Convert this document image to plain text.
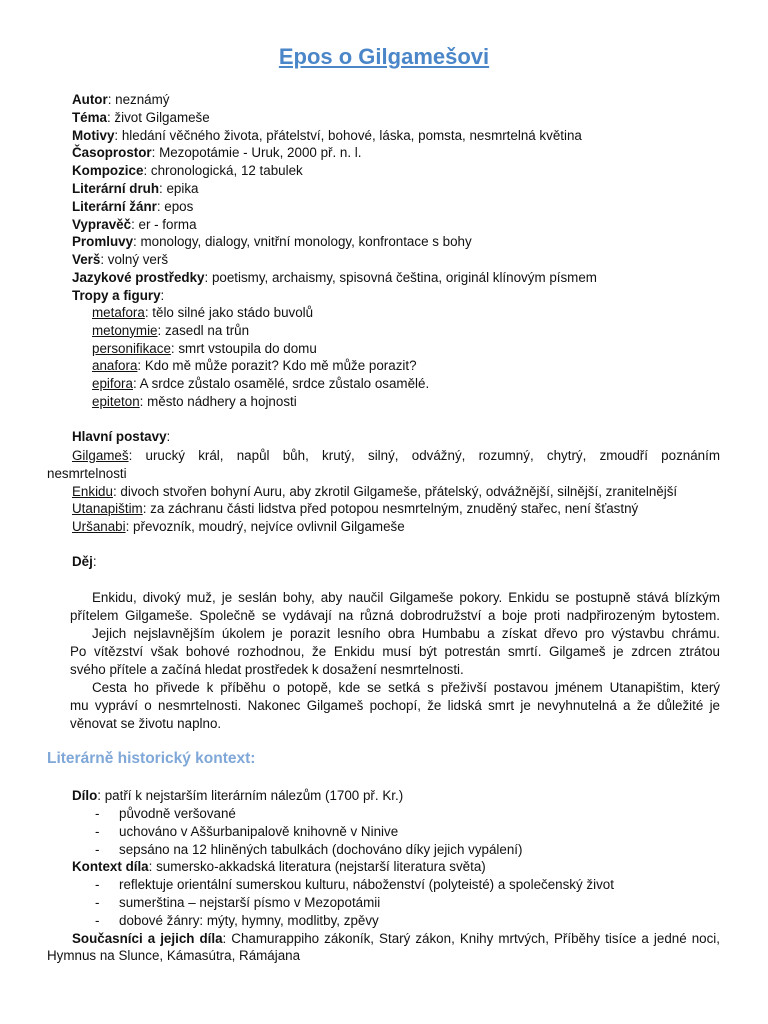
Epos o Gilgamešovi
Autor: neznámý
Téma: život Gilgameše
Motivy: hledání věčného života, přátelství, bohové, láska, pomsta, nesmrtelná květina
Časoprostor: Mezopotámie - Uruk, 2000 př. n. l.
Kompozice: chronologická, 12 tabulek
Literární druh: epika
Literární žánr: epos
Vypravěč: er - forma
Promluvy: monology, dialogy, vnitřní monology, konfrontace s bohy
Verš: volný verš
Jazykové prostředky: poetismy, archaismy, spisovná čeština, originál klínovým písmem
Tropy a figury:
metafora: tělo silné jako stádo buvolů
metonymie: zasedl na trůn
personifikace: smrt vstoupila do domu
anafora: Kdo mě může porazit? Kdo mě může porazit?
epifora: A srdce zůstalo osamělé, srdce zůstalo osamělé.
epiteton: město nádhery a hojnosti
Hlavní postavy:
Gilgameš: urucký král, napůl bůh, krutý, silný, odvážný, rozumný, chytrý, zmoudří poznáním
nesmrtelnosti
Enkidu: divoch stvořen bohyní Auru, aby zkrotil Gilgameše, přátelský, odvážnější, silnější, zranitelnější
Utanapištim: za záchranu části lidstva před potopou nesmrtelným, znuděný stařec, není šťastný
Uršanabi: převozník, moudrý, nejvíce ovlivnil Gilgameše
Děj:
Enkidu, divoký muž, je seslán bohy, aby naučil Gilgameše pokory. Enkidu se postupně stává blízkým
přítelem Gilgameše. Společně se vydávají na různá dobrodružství a boje proti nadpřirozeným bytostem.
Jejich nejslavnějším úkolem je porazit lesního obra Humbabu a získat dřevo pro výstavbu chrámu.
Po vítězství však bohové rozhodnou, že Enkidu musí být potrestán smrtí. Gilgameš je zdrcen ztrátou
svého přítele a začíná hledat prostředek k dosažení nesmrtelnosti.
Cesta ho přivede k příběhu o potopě, kde se setká s přeživší postavou jménem Utanapištim, který
mu vypráví o nesmrtelnosti. Nakonec Gilgameš pochopí, že lidská smrt je nevyhnutelná a že důležité je
věnovat se životu naplno.
Literárně historický kontext:
Dílo: patří k nejstarším literárním nálezům (1700 př. Kr.)
- původně veršované
- uchováno v Aššurbanipalově knihovně v Ninive
- sepsáno na 12 hliněných tabulkách (dochováno díky jejich vypálení)
Kontext díla: sumersko-akkadská literatura (nejstarší literatura světa)
- reflektuje orientální sumerskou kulturu, náboženství (polyteisté) a společenský život
- sumerština – nejstarší písmo v Mezopotámii
- dobové žánry: mýty, hymny, modlitby, zpěvy
Současníci a jejich díla: Chamurappiho zákoník, Starý zákon, Knihy mrtvých, Příběhy tisíce a jedné noci,
Hymnus na Slunce, Kámasútra, Rámájana
